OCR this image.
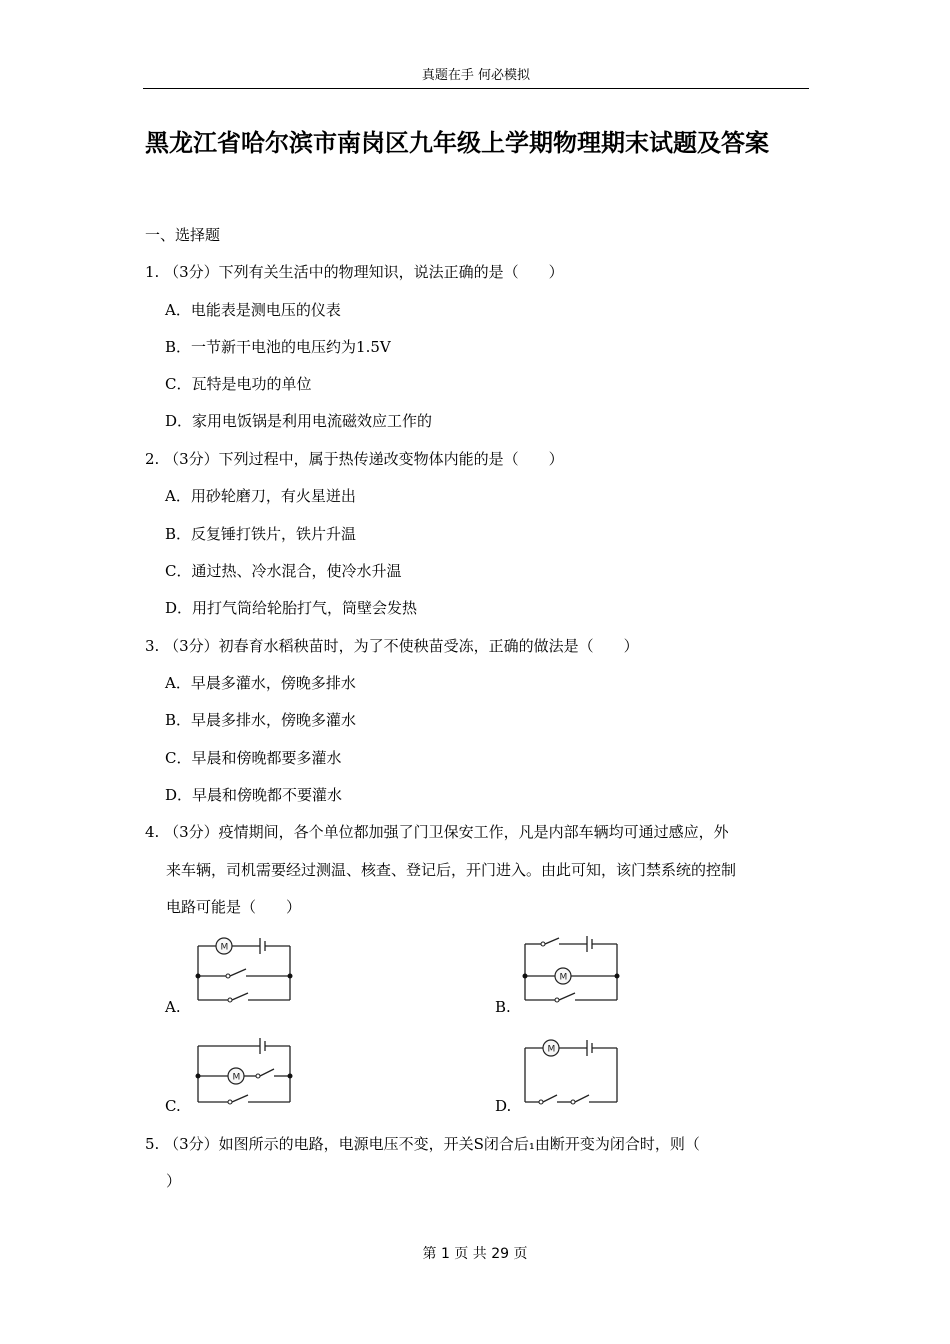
真题在手 何必模拟
黑龙江省哈尔滨市南岗区九年级上学期物理期末试题及答案
一、选择题
1. （3分）下列有关生活中的物理知识，说法正确的是（　　）
A．电能表是测电压的仪表
B．一节新干电池的电压约为1.5V
C．瓦特是电功的单位
D．家用电饭锅是利用电流磁效应工作的
2. （3分）下列过程中，属于热传递改变物体内能的是（　　）
A．用砂轮磨刀，有火星迸出
B．反复锤打铁片，铁片升温
C．通过热、冷水混合，使冷水升温
D．用打气筒给轮胎打气，筒壁会发热
3. （3分）初春育水稻秧苗时，为了不使秧苗受冻，正确的做法是（　　）
A．早晨多灌水，傍晚多排水
B．早晨多排水，傍晚多灌水
C．早晨和傍晚都要多灌水
D．早晨和傍晚都不要灌水
4. （3分）疫情期间，各个单位都加强了门卫保安工作，凡是内部车辆均可通过感应，外
来车辆，司机需要经过测温、核查、登记后，开门进入。由此可知，该门禁系统的控制
电路可能是（　　）
M
A.
M
B.
M
C.
M
D.
5. （3分）如图所示的电路，电源电压不变，开关S闭合后₁由断开变为闭合时，则（
）
第 1 页 共 29 页
